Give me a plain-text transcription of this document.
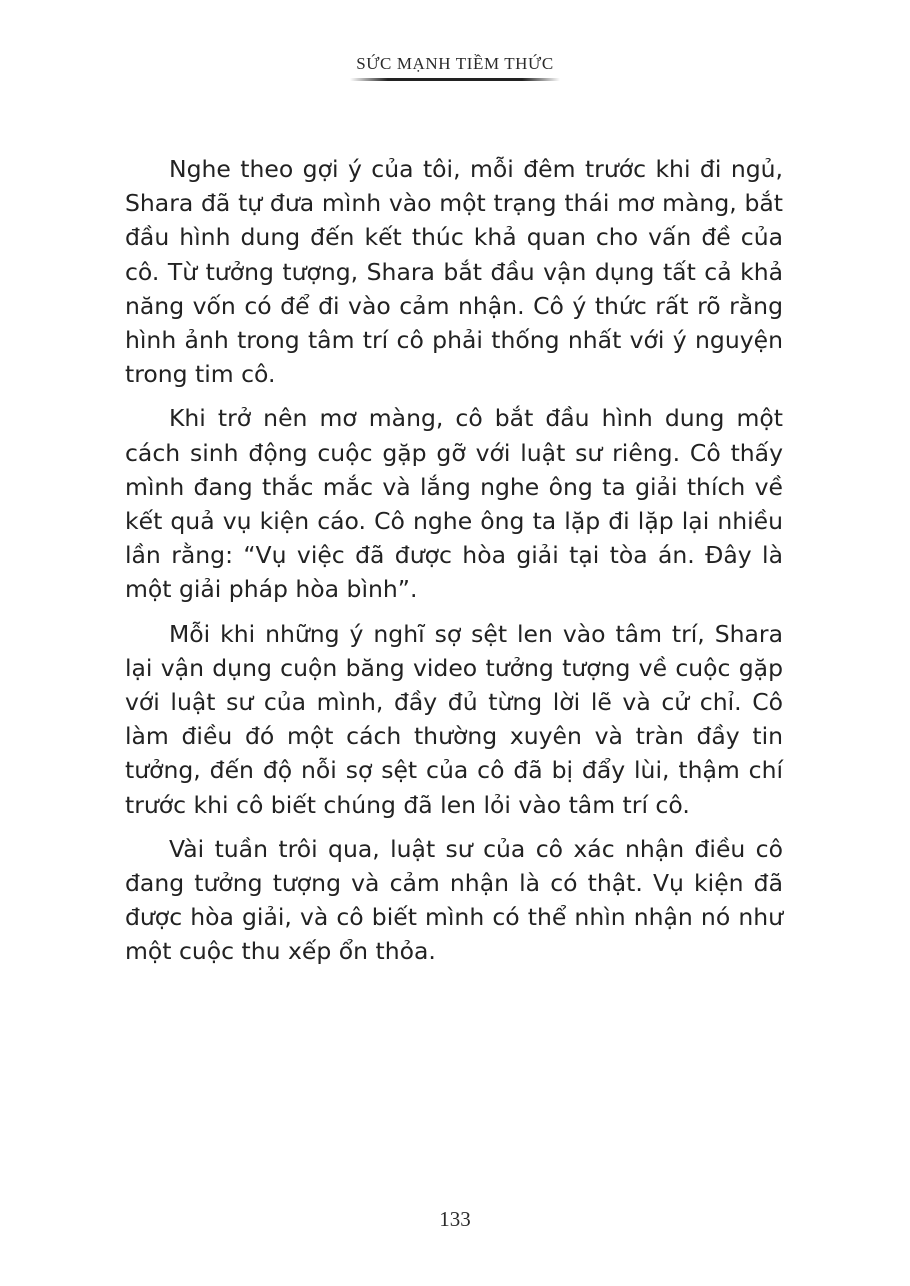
SỨC MẠNH TIỀM THỨC

Nghe theo gợi ý của tôi, mỗi đêm trước khi đi ngủ, Shara đã tự đưa mình vào một trạng thái mơ màng, bắt đầu hình dung đến kết thúc khả quan cho vấn đề của cô. Từ tưởng tượng, Shara bắt đầu vận dụng tất cả khả năng vốn có để đi vào cảm nhận. Cô ý thức rất rõ rằng hình ảnh trong tâm trí cô phải thống nhất với ý nguyện trong tim cô.

Khi trở nên mơ màng, cô bắt đầu hình dung một cách sinh động cuộc gặp gỡ với luật sư riêng. Cô thấy mình đang thắc mắc và lắng nghe ông ta giải thích về kết quả vụ kiện cáo. Cô nghe ông ta lặp đi lặp lại nhiều lần rằng: “Vụ việc đã được hòa giải tại tòa án. Đây là một giải pháp hòa bình”.

Mỗi khi những ý nghĩ sợ sệt len vào tâm trí, Shara lại vận dụng cuộn băng video tưởng tượng về cuộc gặp với luật sư của mình, đầy đủ từng lời lẽ và cử chỉ. Cô làm điều đó một cách thường xuyên và tràn đầy tin tưởng, đến độ nỗi sợ sệt của cô đã bị đẩy lùi, thậm chí trước khi cô biết chúng đã len lỏi vào tâm trí cô.

Vài tuần trôi qua, luật sư của cô xác nhận điều cô đang tưởng tượng và cảm nhận là có thật. Vụ kiện đã được hòa giải, và cô biết mình có thể nhìn nhận nó như một cuộc thu xếp ổn thỏa.

133
